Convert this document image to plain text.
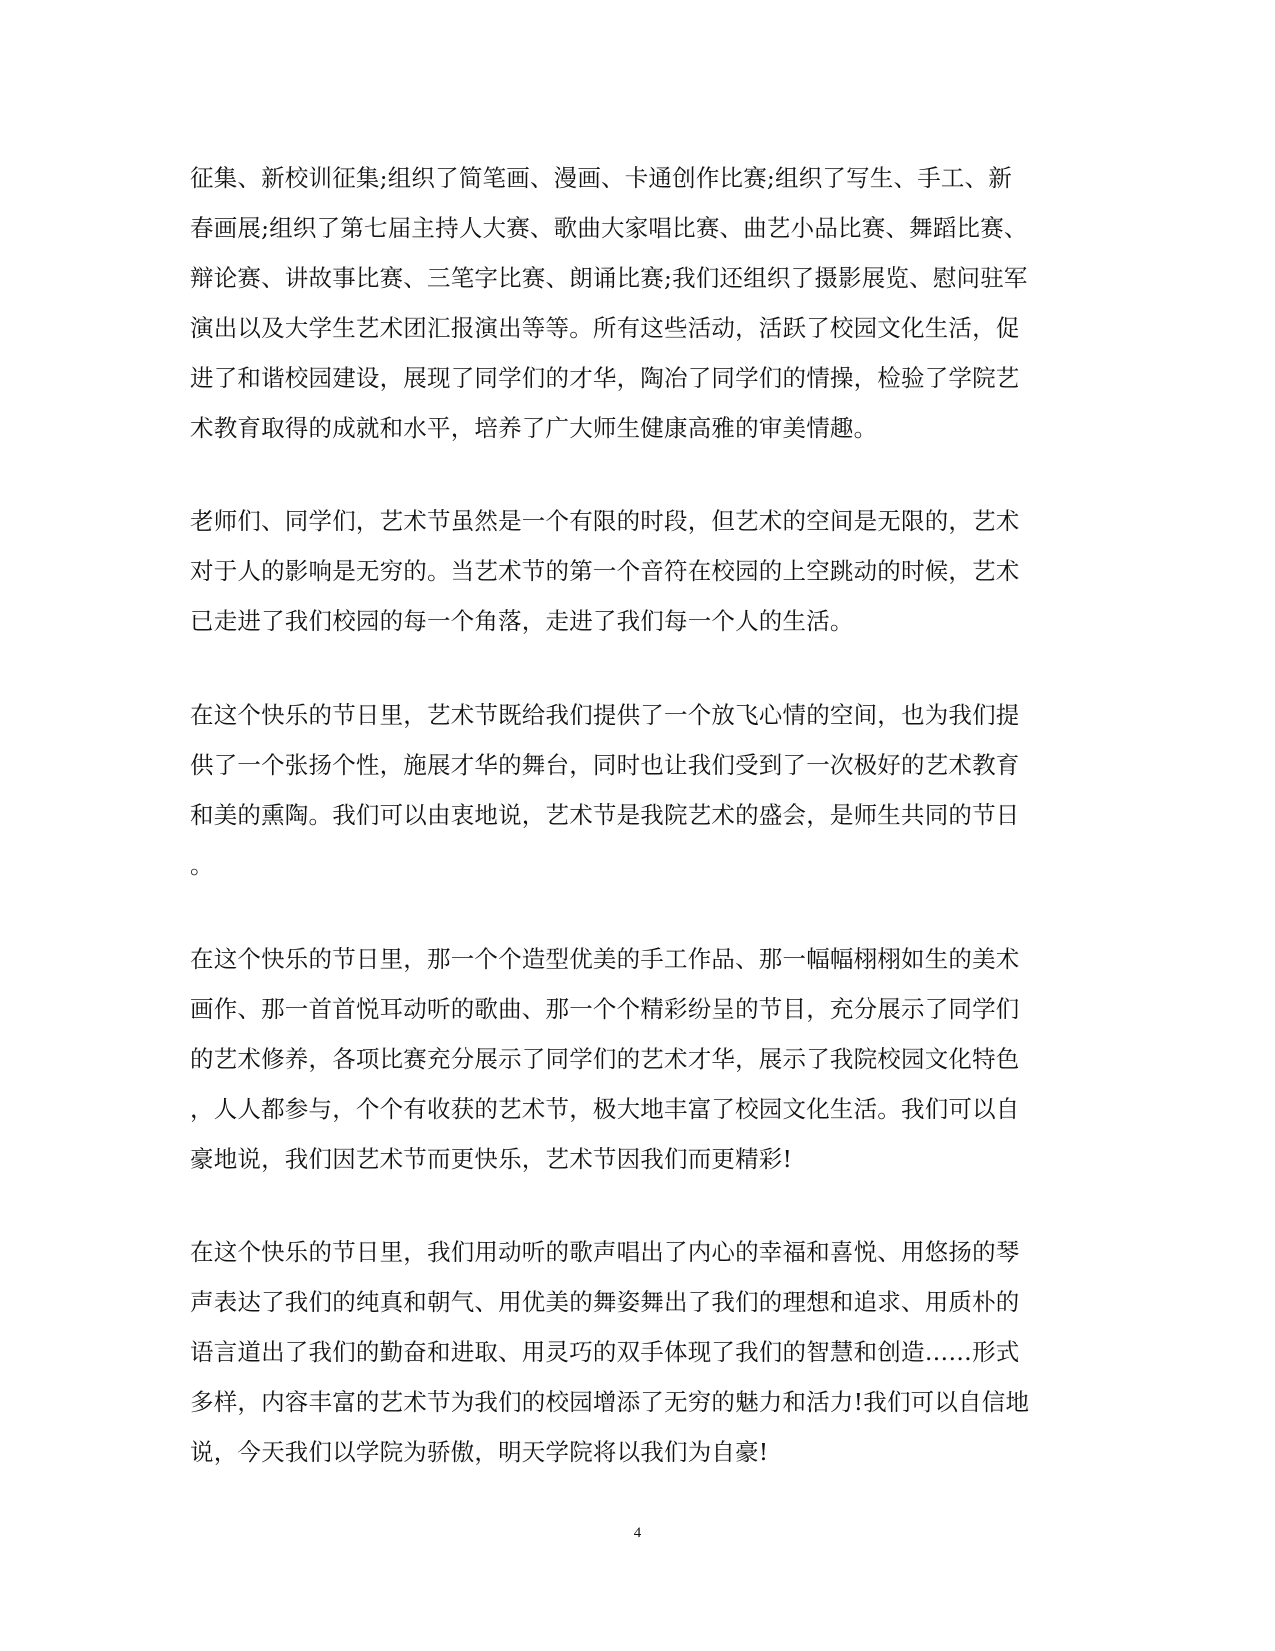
征集、新校训征集;组织了简笔画、漫画、卡通创作比赛;组织了写生、手工、新
春画展;组织了第七届主持人大赛、歌曲大家唱比赛、曲艺小品比赛、舞蹈比赛、
辩论赛、讲故事比赛、三笔字比赛、朗诵比赛;我们还组织了摄影展览、慰问驻军
演出以及大学生艺术团汇报演出等等。所有这些活动，活跃了校园文化生活，促
进了和谐校园建设，展现了同学们的才华，陶冶了同学们的情操，检验了学院艺
术教育取得的成就和水平，培养了广大师生健康高雅的审美情趣。
老师们、同学们，艺术节虽然是一个有限的时段，但艺术的空间是无限的，艺术
对于人的影响是无穷的。当艺术节的第一个音符在校园的上空跳动的时候，艺术
已走进了我们校园的每一个角落，走进了我们每一个人的生活。
在这个快乐的节日里，艺术节既给我们提供了一个放飞心情的空间，也为我们提
供了一个张扬个性，施展才华的舞台，同时也让我们受到了一次极好的艺术教育
和美的熏陶。我们可以由衷地说，艺术节是我院艺术的盛会，是师生共同的节日
。
在这个快乐的节日里，那一个个造型优美的手工作品、那一幅幅栩栩如生的美术
画作、那一首首悦耳动听的歌曲、那一个个精彩纷呈的节目，充分展示了同学们
的艺术修养，各项比赛充分展示了同学们的艺术才华，展示了我院校园文化特色
，人人都参与，个个有收获的艺术节，极大地丰富了校园文化生活。我们可以自
豪地说，我们因艺术节而更快乐，艺术节因我们而更精彩!
在这个快乐的节日里，我们用动听的歌声唱出了内心的幸福和喜悦、用悠扬的琴
声表达了我们的纯真和朝气、用优美的舞姿舞出了我们的理想和追求、用质朴的
语言道出了我们的勤奋和进取、用灵巧的双手体现了我们的智慧和创造……形式
多样，内容丰富的艺术节为我们的校园增添了无穷的魅力和活力!我们可以自信地
说，今天我们以学院为骄傲，明天学院将以我们为自豪!
4
